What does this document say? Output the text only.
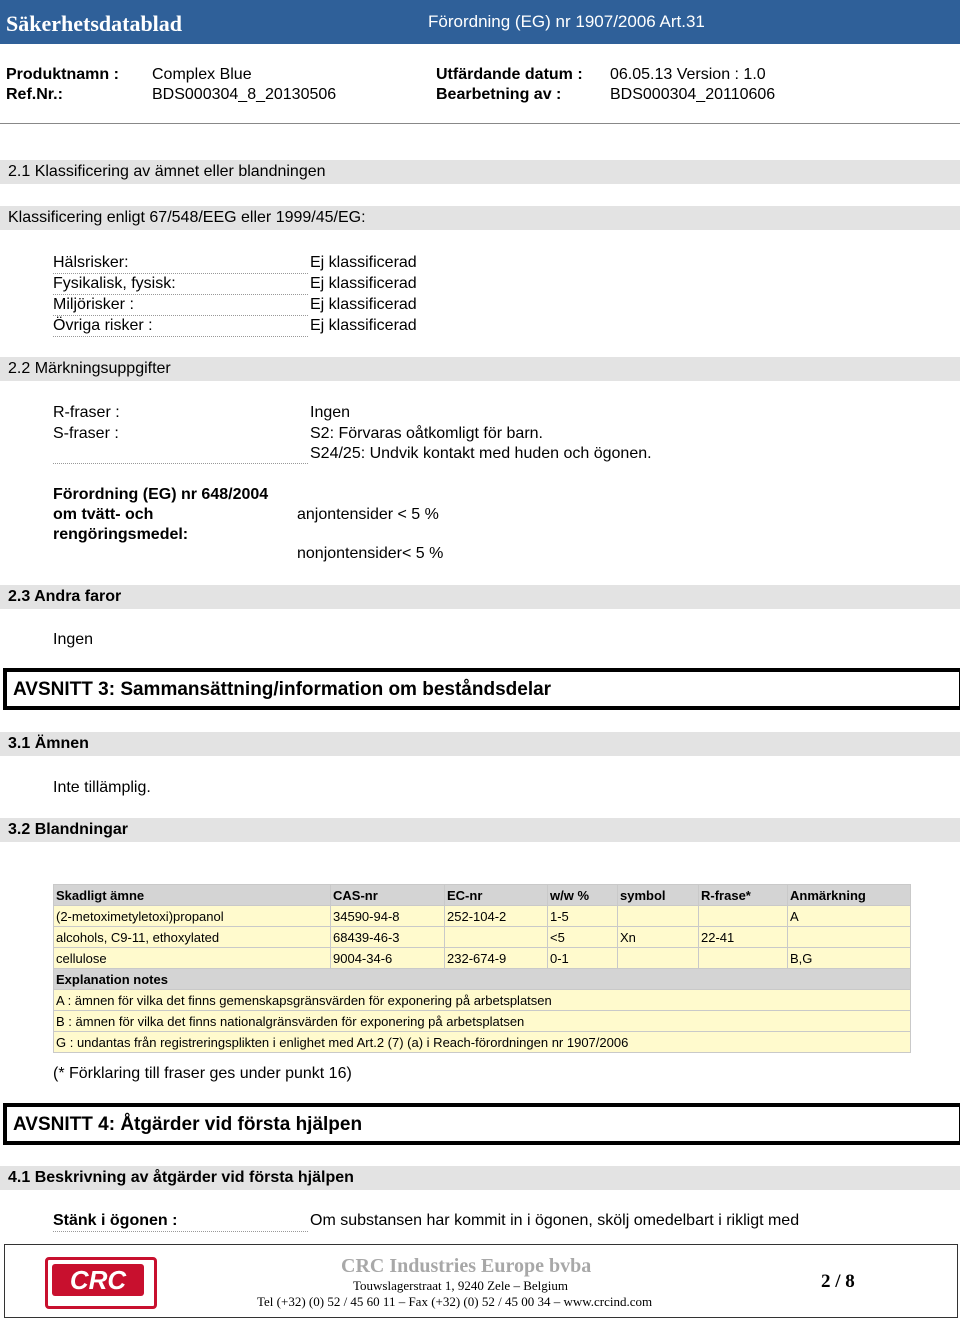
Säkerhetsdatablad	Förordning (EG) nr 1907/2006 Art.31
Produktnamn : Complex Blue
Ref.Nr.:	BDS000304_8_20130506
Utfärdande datum : 06.05.13 Version : 1.0
Bearbetning av :	BDS000304_20110606
2.1 Klassificering av ämnet eller blandningen
Klassificering enligt 67/548/EEG eller 1999/45/EG:
Hälsrisker:	Ej klassificerad
Fysikalisk, fysisk:	Ej klassificerad
Miljörisker :	Ej klassificerad
Övriga risker :	Ej klassificerad
2.2 Märkningsuppgifter
R-fraser :	Ingen
S-fraser :	S2: Förvaras oåtkomligt för barn.
S24/25: Undvik kontakt med huden och ögonen.
Förordning (EG) nr 648/2004
om tvätt- och
rengöringsmedel:
anjontensider < 5 %
nonjontensider< 5 %
2.3 Andra faror
Ingen
AVSNITT 3: Sammansättning/information om beståndsdelar
3.1 Ämnen
Inte tillämplig.
3.2 Blandningar
Skadligt ämne	CAS-nr	EC-nr	w/w %	symbol	R-frase*	Anmärkning
(2-metoximetyletoxi)propanol	34590-94-8	252-104-2	1-5			A
alcohols, C9-11, ethoxylated	68439-46-3		<5	Xn	22-41	
cellulose	9004-34-6	232-674-9	0-1			B,G
Explanation notes						
A : ämnen för vilka det finns gemenskapsgränsvärden för exponering på arbetsplatsen						
B : ämnen för vilka det finns nationalgränsvärden för exponering på arbetsplatsen						
G : undantas från registreringsplikten i enlighet med Art.2 (7) (a) i Reach-förordningen nr 1907/2006						
(* Förklaring till fraser ges under punkt 16)
AVSNITT 4: Åtgärder vid första hjälpen
4.1 Beskrivning av åtgärder vid första hjälpen
Stänk i ögonen :	Om substansen har kommit in i ögonen, skölj omedelbart i rikligt med
CRC	CRC Industries Europe bvba
Touwslagerstraat 1, 9240 Zele – Belgium
Tel (+32) (0) 52 / 45 60 11 – Fax (+32) (0) 52 / 45 00 34 – www.crcind.com
2 / 8
